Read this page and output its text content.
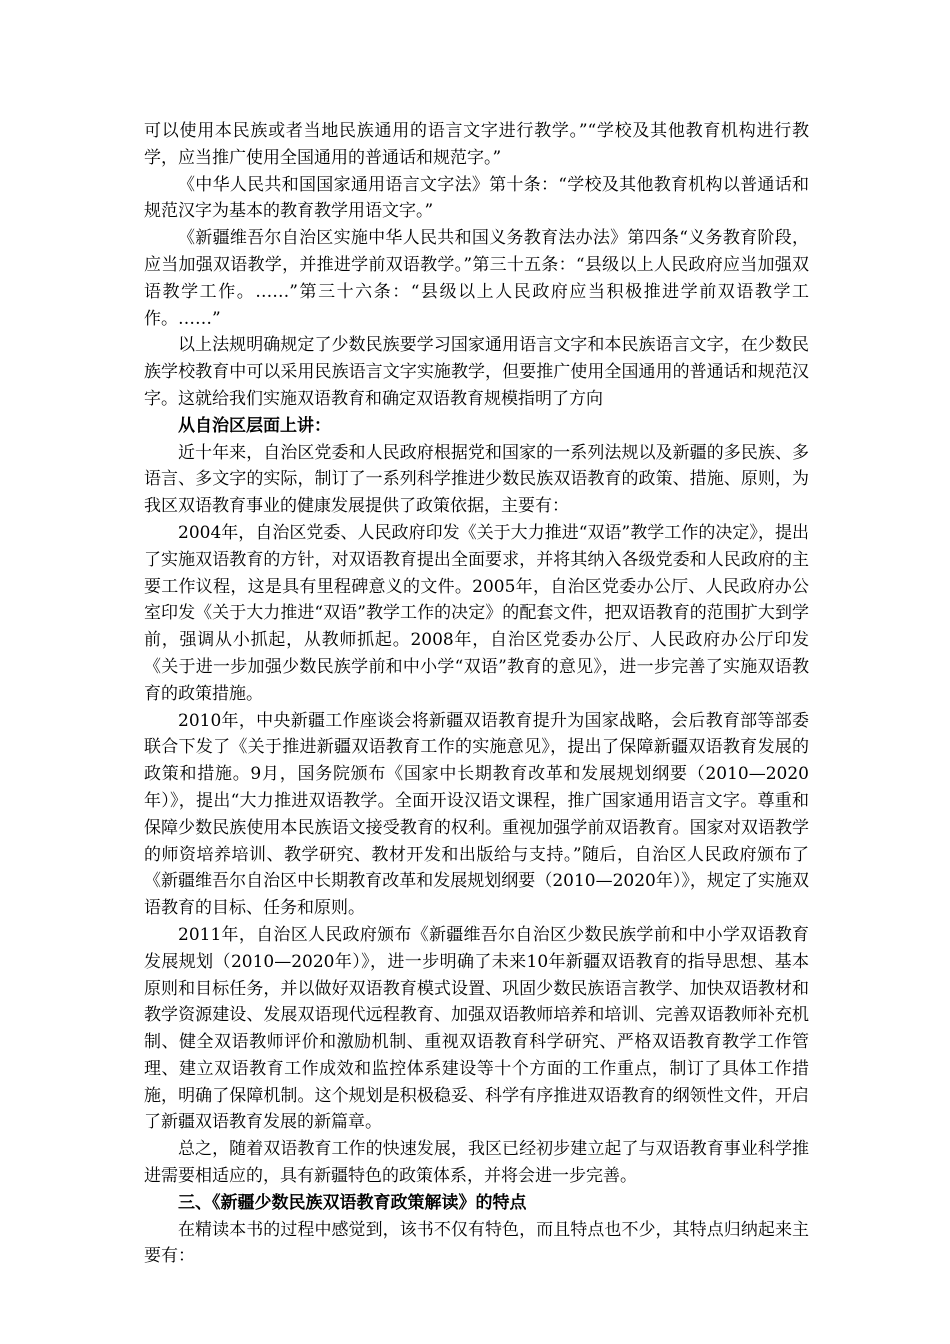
可以使用本民族或者当地民族通用的语言文字进行教学。”“学校及其他教育机构进行教学，应当推广使用全国通用的普通话和规范字。”

《中华人民共和国国家通用语言文字法》第十条：“学校及其他教育机构以普通话和规范汉字为基本的教育教学用语文字。”

《新疆维吾尔自治区实施中华人民共和国义务教育法办法》第四条“义务教育阶段，应当加强双语教学，并推进学前双语教学。”第三十五条：“县级以上人民政府应当加强双语教学工作。……”第三十六条：“县级以上人民政府应当积极推进学前双语教学工作。……”

以上法规明确规定了少数民族要学习国家通用语言文字和本民族语言文字，在少数民族学校教育中可以采用民族语言文字实施教学，但要推广使用全国通用的普通话和规范汉字。这就给我们实施双语教育和确定双语教育规模指明了方向

从自治区层面上讲：

近十年来，自治区党委和人民政府根据党和国家的一系列法规以及新疆的多民族、多语言、多文字的实际，制订了一系列科学推进少数民族双语教育的政策、措施、原则，为我区双语教育事业的健康发展提供了政策依据，主要有：

2004年，自治区党委、人民政府印发《关于大力推进“双语”教学工作的决定》，提出了实施双语教育的方针，对双语教育提出全面要求，并将其纳入各级党委和人民政府的主要工作议程，这是具有里程碑意义的文件。2005年，自治区党委办公厅、人民政府办公室印发《关于大力推进“双语”教学工作的决定》的配套文件，把双语教育的范围扩大到学前，强调从小抓起，从教师抓起。2008年，自治区党委办公厅、人民政府办公厅印发《关于进一步加强少数民族学前和中小学“双语”教育的意见》，进一步完善了实施双语教育的政策措施。

2010年，中央新疆工作座谈会将新疆双语教育提升为国家战略，会后教育部等部委联合下发了《关于推进新疆双语教育工作的实施意见》，提出了保障新疆双语教育发展的政策和措施。9月，国务院颁布《国家中长期教育改革和发展规划纲要（2010—2020年）》，提出“大力推进双语教学。全面开设汉语文课程，推广国家通用语言文字。尊重和保障少数民族使用本民族语文接受教育的权利。重视加强学前双语教育。国家对双语教学的师资培养培训、教学研究、教材开发和出版给与支持。”随后，自治区人民政府颁布了《新疆维吾尔自治区中长期教育改革和发展规划纲要（2010—2020年）》，规定了实施双语教育的目标、任务和原则。

2011年，自治区人民政府颁布《新疆维吾尔自治区少数民族学前和中小学双语教育发展规划（2010—2020年）》，进一步明确了未来10年新疆双语教育的指导思想、基本原则和目标任务，并以做好双语教育模式设置、巩固少数民族语言教学、加快双语教材和教学资源建设、发展双语现代远程教育、加强双语教师培养和培训、完善双语教师补充机制、健全双语教师评价和激励机制、重视双语教育科学研究、严格双语教育教学工作管理、建立双语教育工作成效和监控体系建设等十个方面的工作重点，制订了具体工作措施，明确了保障机制。这个规划是积极稳妥、科学有序推进双语教育的纲领性文件，开启了新疆双语教育发展的新篇章。

总之，随着双语教育工作的快速发展，我区已经初步建立起了与双语教育事业科学推进需要相适应的，具有新疆特色的政策体系，并将会进一步完善。

三、《新疆少数民族双语教育政策解读》的特点

在精读本书的过程中感觉到，该书不仅有特色，而且特点也不少，其特点归纳起来主要有：
